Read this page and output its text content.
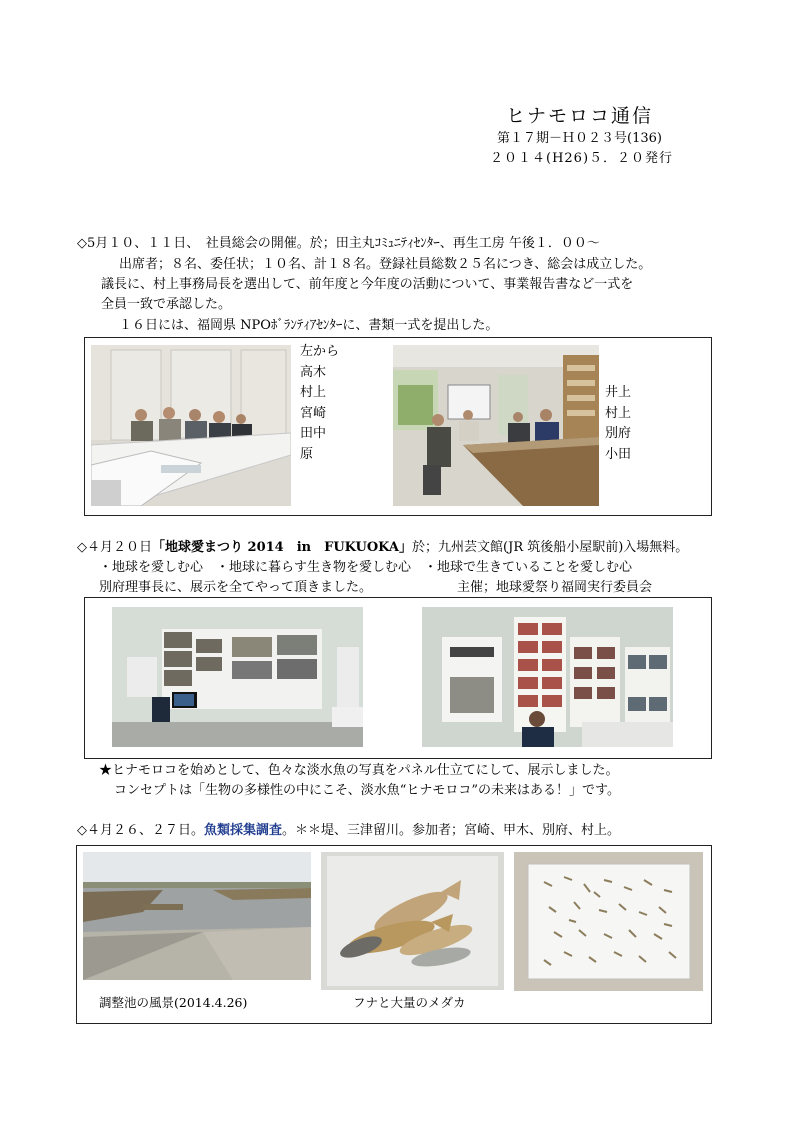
ヒナモロコ通信
第１７期－Ｈ０２３号(136)
２０１４(H26)５．２０発行
◇5月１０、１１日、　社員総会の開催。於；田主丸ｺﾐｭﾆﾃｨｾﾝﾀｰ、再生工房 午後１．００～
出席者；８名、委任状；１０名、計１８名。登録社員総数２５名につき、総会は成立した。
議長に、村上事務局長を選出して、前年度と今年度の活動について、事業報告書など一式を
全員一致で承認した。
１６日には、福岡県 NPOﾎﾞﾗﾝﾃｨｱｾﾝﾀｰに、書類一式を提出した。
左から
高木
村上
宮崎
田中
原
井上
村上
別府
小田
◇４月２０日「地球愛まつり 2014　in　FUKUOKA」於；九州芸文館(JR 筑後船小屋駅前)入場無料。
・地球を愛しむ心　・地球に暮らす生き物を愛しむ心　・地球で生きていることを愛しむ心
別府理事長に、展示を全てやって頂きました。	主催；地球愛祭り福岡実行委員会
★ヒナモロコを始めとして、色々な淡水魚の写真をパネル仕立てにして、展示しました。
コンセプトは「生物の多様性の中にこそ、淡水魚“ヒナモロコ”の未来はある！」です。
◇４月２６、２７日。魚類採集調査。＊＊堤、三津留川。参加者；宮崎、甲木、別府、村上。
調整池の風景(2014.4.26)	フナと大量のメダカ
